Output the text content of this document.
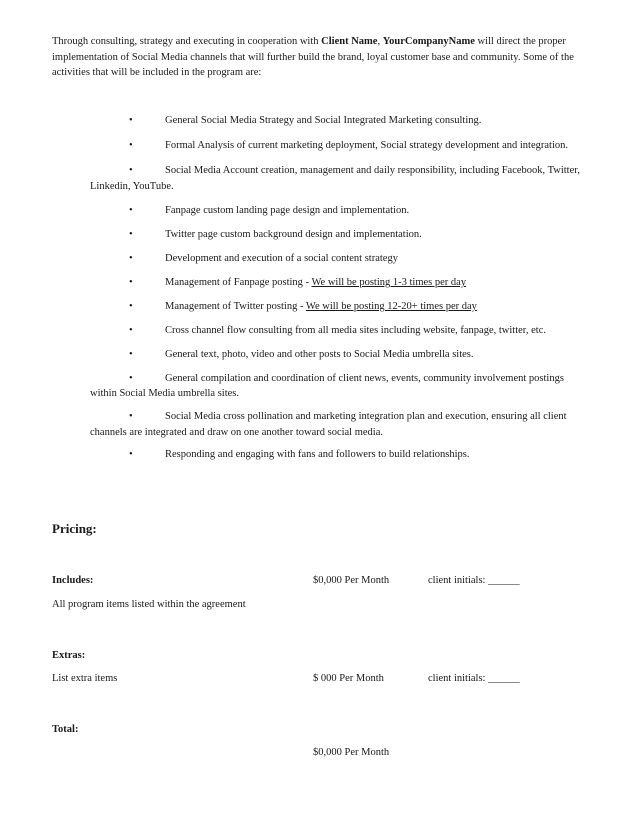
Through consulting, strategy and executing in cooperation with Client Name, YourCompanyName will direct the proper implementation of Social Media channels that will further build the brand, loyal customer base and community. Some of the activities that will be included in the program are:
•	General Social Media Strategy and Social Integrated Marketing consulting.
•	Formal Analysis of current marketing deployment, Social strategy development and integration.
•	Social Media Account creation, management and daily responsibility, including Facebook, Twitter,
Linkedin, YouTube.
•	Fanpage custom landing page design and implementation.
•	Twitter page custom background design and implementation.
•	Development and execution of a social content strategy
•	Management of Fanpage posting - We will be posting 1-3 times per day
•	Management of Twitter posting - We will be posting 12-20+ times per day
•	Cross channel flow consulting from all media sites including website, fanpage, twitter, etc.
•	General text, photo, video and other posts to Social Media umbrella sites.
•	General compilation and coordination of client news, events, community involvement postings
within Social Media umbrella sites.
•	Social Media cross pollination and marketing integration plan and execution, ensuring all client
channels are integrated and draw on one another toward social media.
•	Responding and engaging with fans and followers to build relationships.
Pricing:
Includes:	$0,000 Per Month	client initials: ______
All program items listed within the agreement
Extras:
List extra items	$ 000 Per Month	client initials: ______
Total:
$0,000 Per Month
